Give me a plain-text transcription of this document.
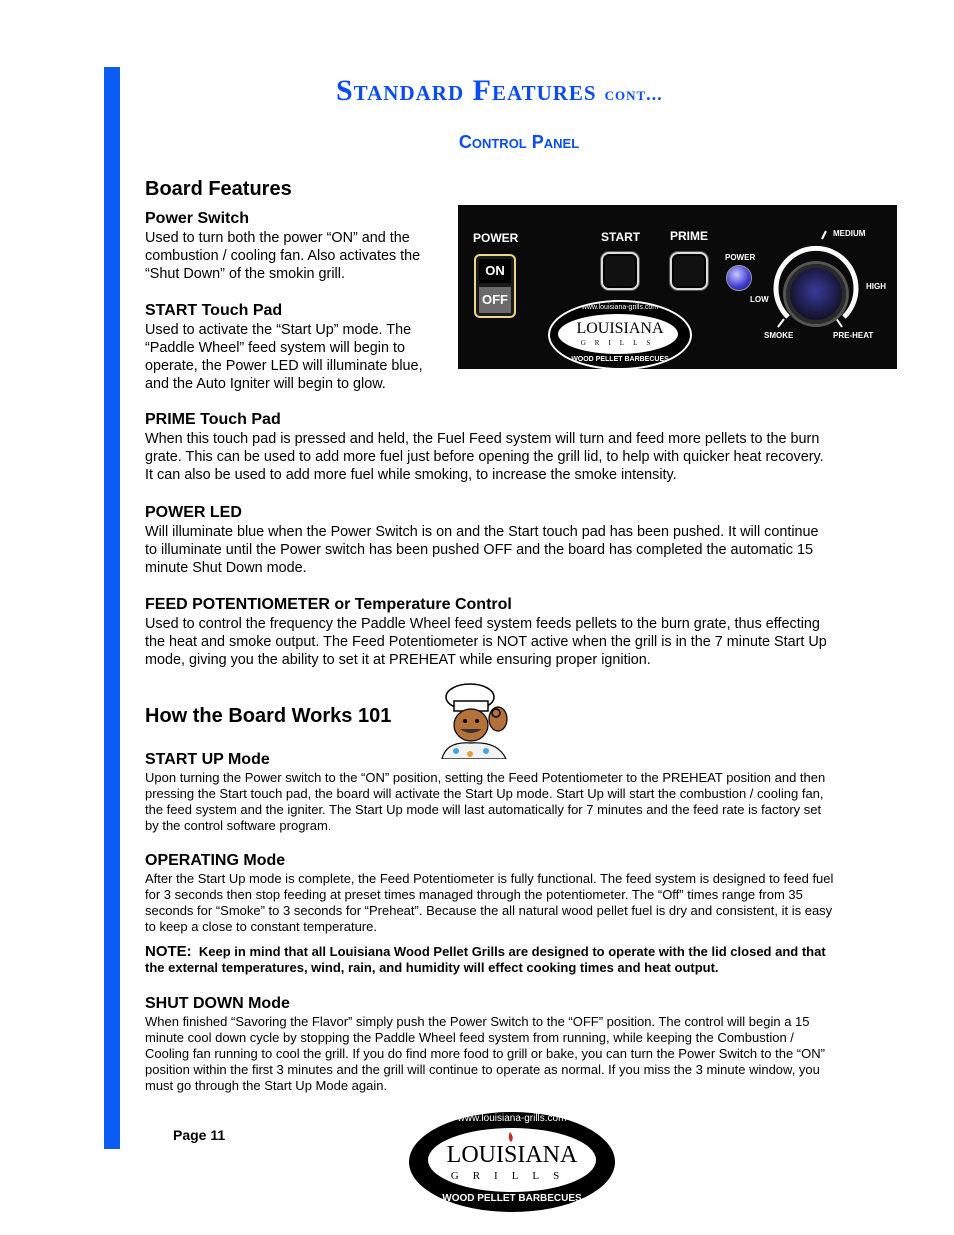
Standard Features cont...
Control Panel
Board Features
Power Switch
Used to turn both the power “ON” and the
combustion / cooling fan. Also activates the
“Shut Down” of the smokin grill.
START Touch Pad
Used to activate the “Start Up” mode. The
“Paddle Wheel” feed system will begin to
operate, the Power LED will illuminate blue,
and the Auto Igniter will begin to glow.
POWER	START PRIME
POWER
LOW
MEDIUM
HIGH
SMOKE	PRE-HEAT
ON
OFF
www.louisiana-grills.com
LOUISIANA
GRILLS
WOOD PELLET BARBECUES
PRIME Touch Pad
When this touch pad is pressed and held, the Fuel Feed system will turn and feed more pellets to the burn
grate. This can be used to add more fuel just before opening the grill lid, to help with quicker heat recovery.
It can also be used to add more fuel while smoking, to increase the smoke intensity.
POWER LED
Will illuminate blue when the Power Switch is on and the Start touch pad has been pushed. It will continue
to illuminate until the Power switch has been pushed OFF and the board has completed the automatic 15
minute Shut Down mode.
FEED POTENTIOMETER or Temperature Control
Used to control the frequency the Paddle Wheel feed system feeds pellets to the burn grate, thus effecting
the heat and smoke output. The Feed Potentiometer is NOT active when the grill is in the 7 minute Start Up
mode, giving you the ability to set it at PREHEAT while ensuring proper ignition.
How the Board Works 101
START UP Mode
Upon turning the Power switch to the “ON” position, setting the Feed Potentiometer to the PREHEAT position and then
pressing the Start touch pad, the board will activate the Start Up mode. Start Up will start the combustion / cooling fan,
the feed system and the igniter. The Start Up mode will last automatically for 7 minutes and the feed rate is factory set
by the control software program.
OPERATING Mode
After the Start Up mode is complete, the Feed Potentiometer is fully functional. The feed system is designed to feed fuel
for 3 seconds then stop feeding at preset times managed through the potentiometer. The “Off” times range from 35
seconds for “Smoke” to 3 seconds for “Preheat”. Because the all natural wood pellet fuel is dry and consistent, it is easy
to keep a close to constant temperature.
NOTE: Keep in mind that all Louisiana Wood Pellet Grills are designed to operate with the lid closed and that
the external temperatures, wind, rain, and humidity will effect cooking times and heat output.
SHUT DOWN Mode
When finished “Savoring the Flavor” simply push the Power Switch to the “OFF” position. The control will begin a 15
minute cool down cycle by stopping the Paddle Wheel feed system from running, while keeping the Combustion /
Cooling fan running to cool the grill. If you do find more food to grill or bake, you can turn the Power Switch to the “ON”
position within the first 3 minutes and the grill will continue to operate as normal. If you miss the 3 minute window, you
must go through the Start Up Mode again.
Page 11
www.louisiana-grills.com
LOUISIANA
GRILLS
WOOD PELLET BARBECUES
